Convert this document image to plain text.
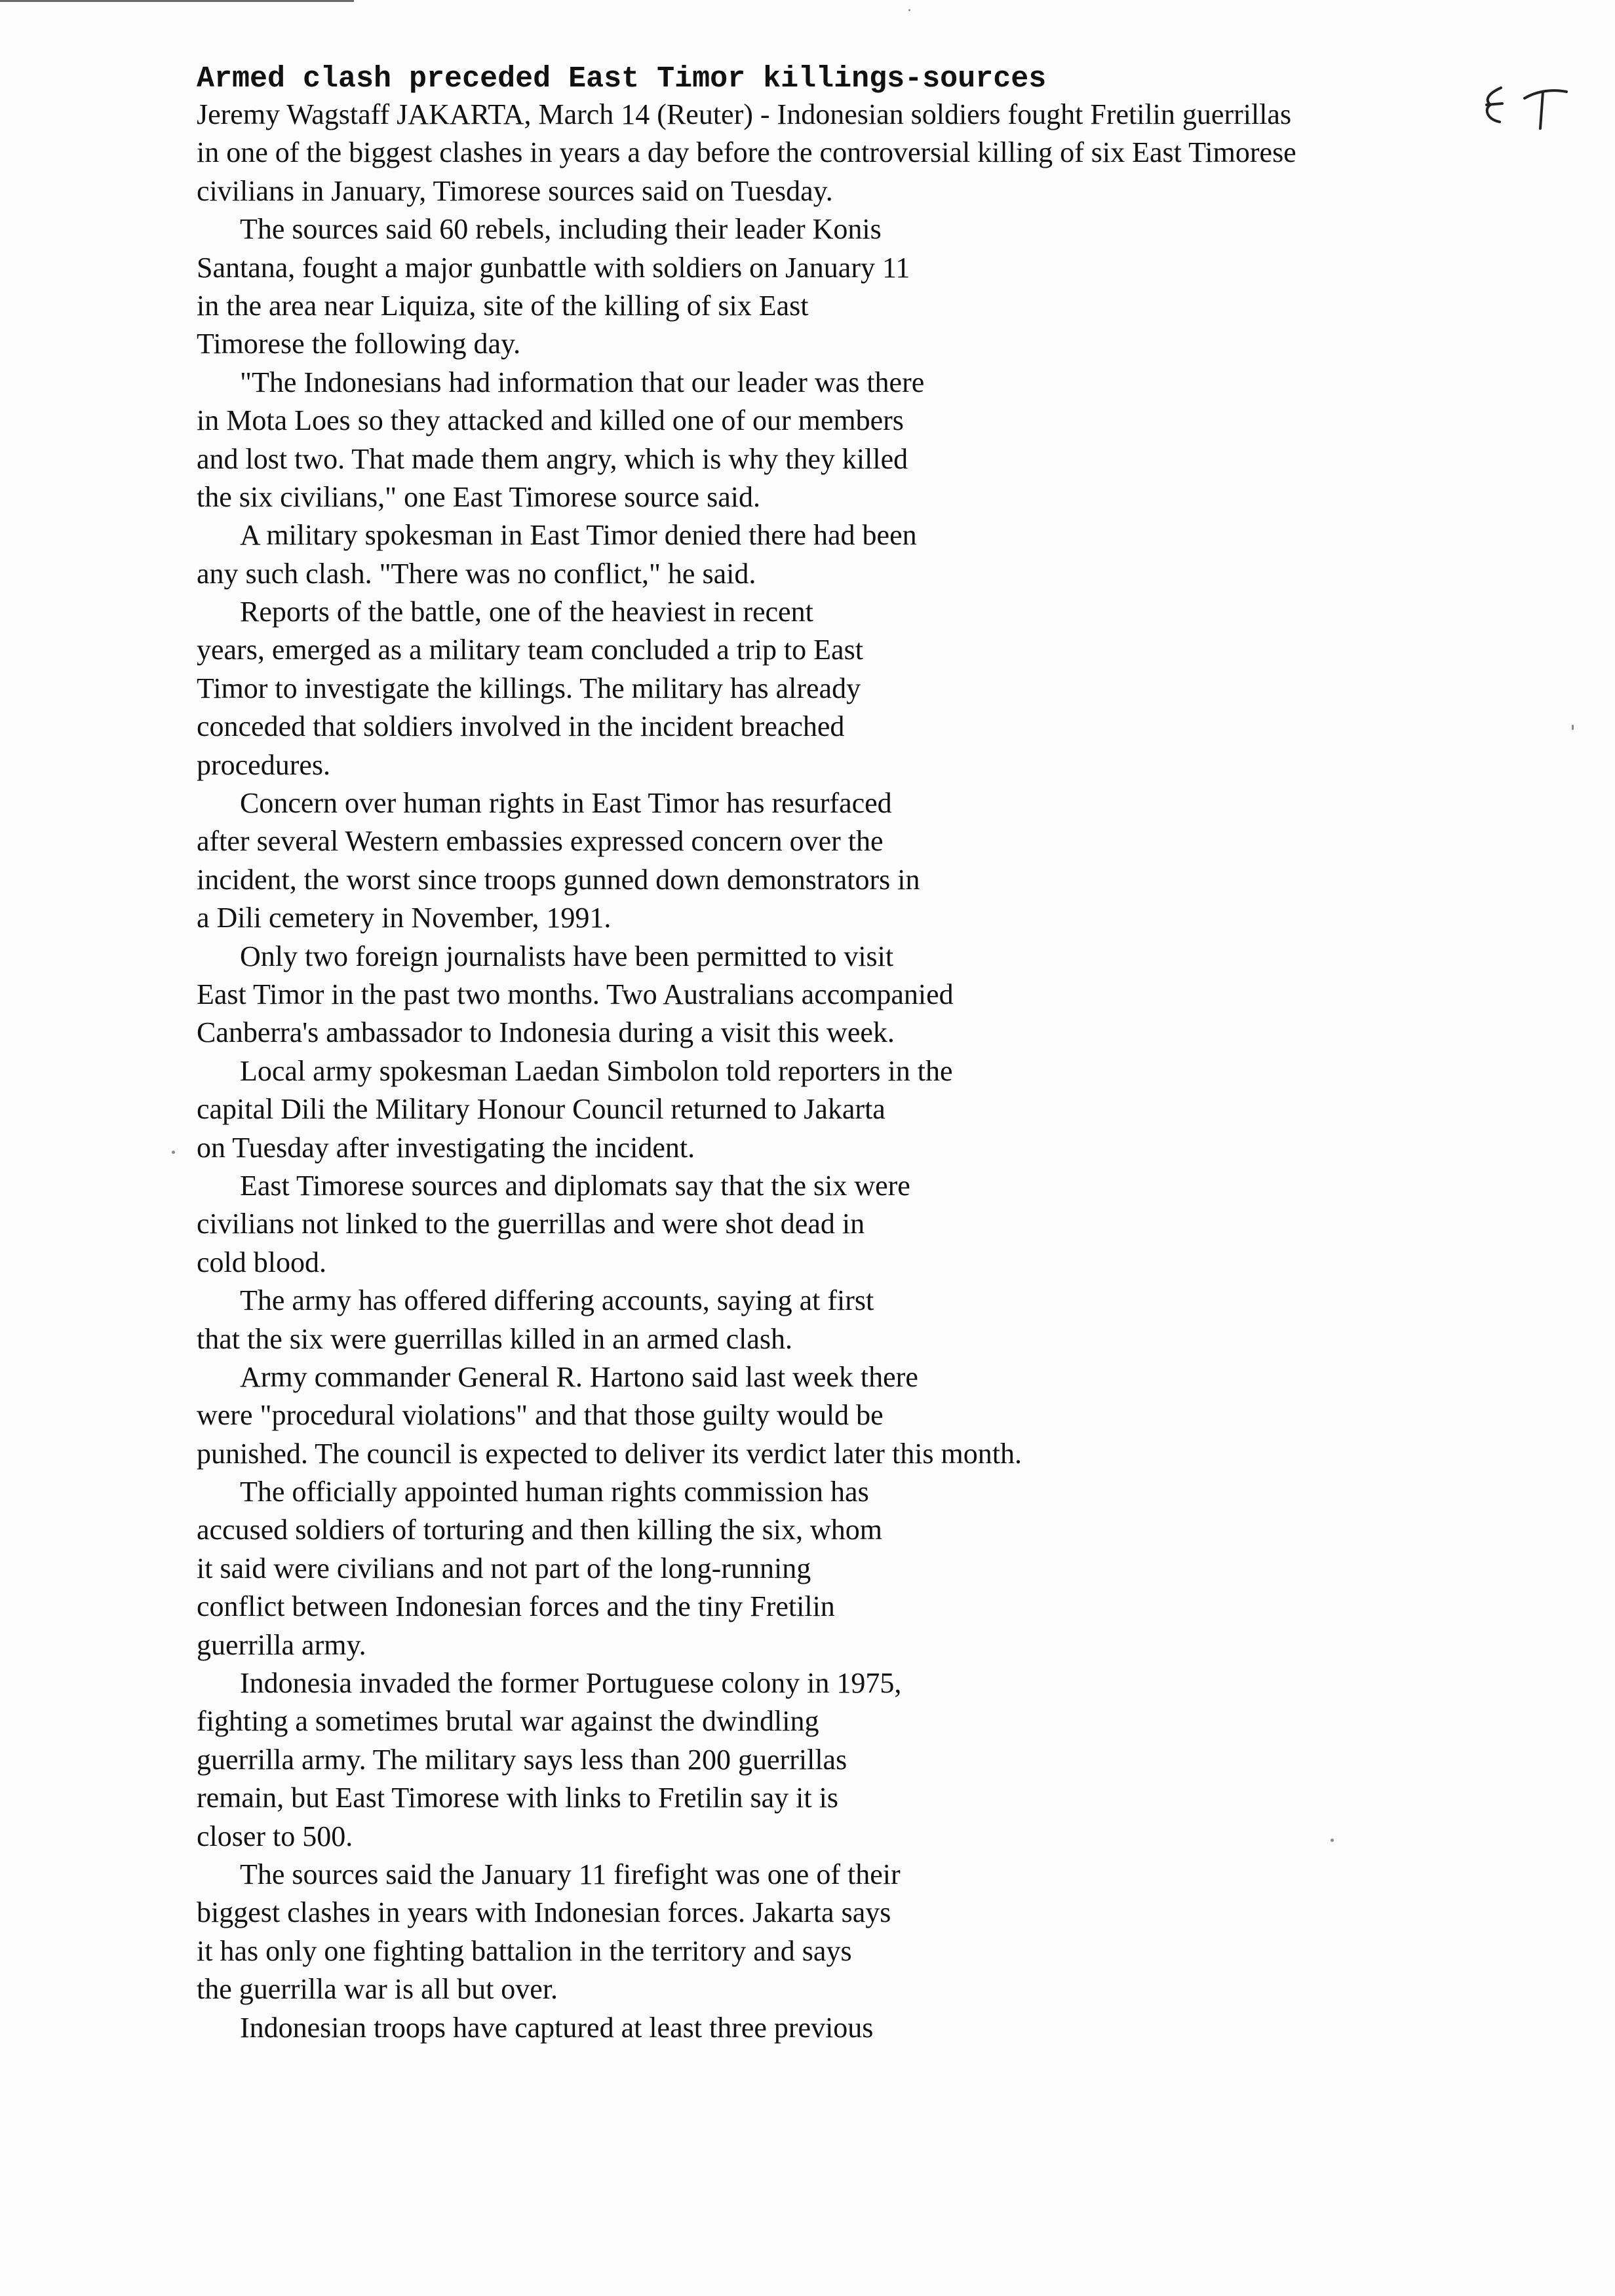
Armed clash preceded East Timor killings-sources
Jeremy Wagstaff JAKARTA, March 14 (Reuter) - Indonesian soldiers fought Fretilin guerrillas
in one of the biggest clashes in years a day before the controversial killing of six East Timorese
civilians in January, Timorese sources said on Tuesday.
The sources said 60 rebels, including their leader Konis
Santana, fought a major gunbattle with soldiers on January 11
in the area near Liquiza, site of the killing of six East
Timorese the following day.
"The Indonesians had information that our leader was there
in Mota Loes so they attacked and killed one of our members
and lost two. That made them angry, which is why they killed
the six civilians," one East Timorese source said.
A military spokesman in East Timor denied there had been
any such clash. "There was no conflict," he said.
Reports of the battle, one of the heaviest in recent
years, emerged as a military team concluded a trip to East
Timor to investigate the killings. The military has already
conceded that soldiers involved in the incident breached
procedures.
Concern over human rights in East Timor has resurfaced
after several Western embassies expressed concern over the
incident, the worst since troops gunned down demonstrators in
a Dili cemetery in November, 1991.
Only two foreign journalists have been permitted to visit
East Timor in the past two months. Two Australians accompanied
Canberra's ambassador to Indonesia during a visit this week.
Local army spokesman Laedan Simbolon told reporters in the
capital Dili the Military Honour Council returned to Jakarta
on Tuesday after investigating the incident.
East Timorese sources and diplomats say that the six were
civilians not linked to the guerrillas and were shot dead in
cold blood.
The army has offered differing accounts, saying at first
that the six were guerrillas killed in an armed clash.
Army commander General R. Hartono said last week there
were "procedural violations" and that those guilty would be
punished. The council is expected to deliver its verdict later this month.
The officially appointed human rights commission has
accused soldiers of torturing and then killing the six, whom
it said were civilians and not part of the long-running
conflict between Indonesian forces and the tiny Fretilin
guerrilla army.
Indonesia invaded the former Portuguese colony in 1975,
fighting a sometimes brutal war against the dwindling
guerrilla army. The military says less than 200 guerrillas
remain, but East Timorese with links to Fretilin say it is
closer to 500.
The sources said the January 11 firefight was one of their
biggest clashes in years with Indonesian forces. Jakarta says
it has only one fighting battalion in the territory and says
the guerrilla war is all but over.
Indonesian troops have captured at least three previous
